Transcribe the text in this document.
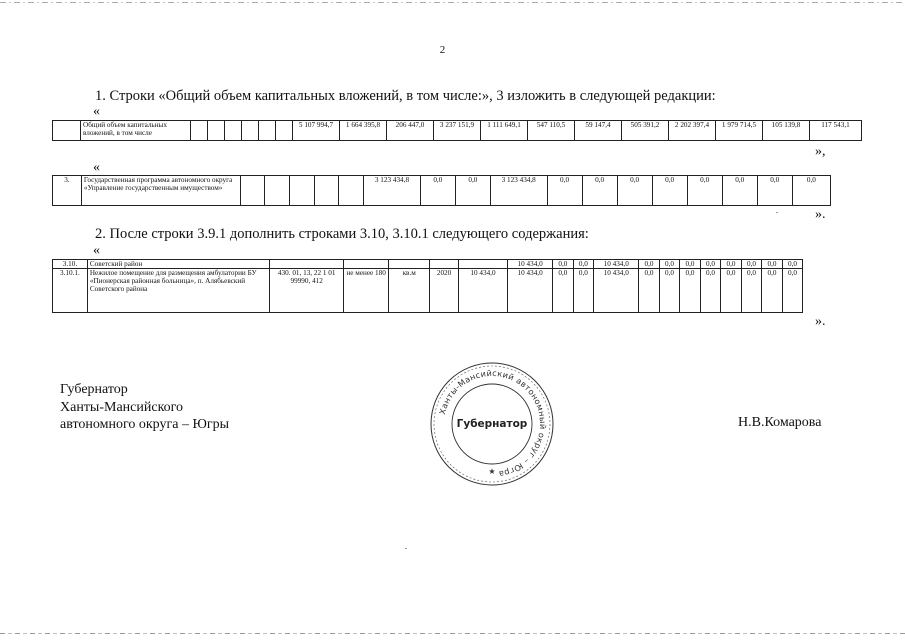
2
1. Строки «Общий объем капитальных вложений, в том числе:», 3 изложить в следующей редакции:
«
	Общий объем капитальных вложений, в том числе							5 107 994,7	1 664 395,8	206 447,0	3 237 151,9	1 111 649,1	547 110,5	59 147,4	505 391,2	2 202 397,4	1 979 714,5	105 139,8	117 543,1
»,
«
3.	Государственная программа автономного округа «Управление государственным имуществом»						3 123 434,8	0,0	0,0	3 123 434,8	0,0	0,0	0,0	0,0	0,0	0,0	0,0	0,0
».
2. После строки 3.9.1 дополнить строками 3.10, 3.10.1 следующего содержания:
«
3.10.	Советский район						10 434,0	0,0	0,0	10 434,0	0,0	0,0	0,0	0,0	0,0	0,0	0,0	0,0
3.10.1.	Нежилое помещение для размещения амбулатории БУ «Пионерская районная больница», п. Алябьевский Советского района	430. 01, 13, 22 1 01 99990, 412	не менее 180	кв.м	2020	10 434,0	10 434,0	0,0	0,0	10 434,0	0,0	0,0	0,0	0,0	0,0	0,0	0,0	0,0
».
Губернатор
Ханты-Мансийского
автономного округа – Югры	Н.В.Комарова
Ханты-Мансийский автономный округ – Югра
Губернатор
★
